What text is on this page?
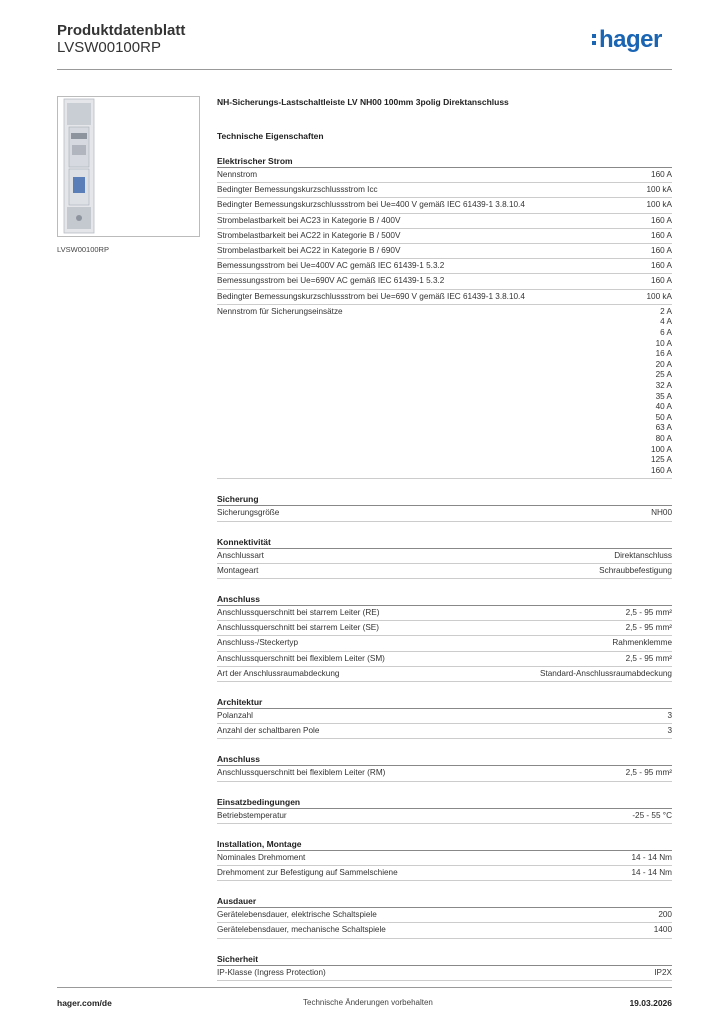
Produktdatenblatt
LVSW00100RP	hager
LVSW00100RP
NH-Sicherungs-Lastschaltleiste LV NH00 100mm 3polig Direktanschluss
Technische Eigenschaften
Elektrischer Strom
Nennstrom	160 A
Bedingter Bemessungskurzschlussstrom Icc	100 kA
Bedingter Bemessungskurzschlussstrom bei Ue=400 V gemäß IEC 61439-1 3.8.10.4	100 kA
Strombelastbarkeit bei AC23 in Kategorie B / 400V	160 A
Strombelastbarkeit bei AC22 in Kategorie B / 500V	160 A
Strombelastbarkeit bei AC22 in Kategorie B / 690V	160 A
Bemessungsstrom bei Ue=400V AC gemäß IEC 61439-1 5.3.2	160 A
Bemessungsstrom bei Ue=690V AC gemäß IEC 61439-1 5.3.2	160 A
Bedingter Bemessungskurzschlussstrom bei Ue=690 V gemäß IEC 61439-1 3.8.10.4	100 kA
Nennstrom für Sicherungseinsätze	2 A
4 A
6 A
10 A
16 A
20 A
25 A
32 A
35 A
40 A
50 A
63 A
80 A
100 A
125 A
160 A
Sicherung
Sicherungsgröße	NH00
Konnektivität
Anschlussart	Direktanschluss
Montageart	Schraubbefestigung
Anschluss
Anschlussquerschnitt bei starrem Leiter (RE)	2,5 - 95 mm²
Anschlussquerschnitt bei starrem Leiter (SE)	2,5 - 95 mm²
Anschluss-/Steckertyp	Rahmenklemme
Anschlussquerschnitt bei flexiblem Leiter (SM)	2,5 - 95 mm²
Art der Anschlussraumabdeckung	Standard-Anschlussraumabdeckung
Architektur
Polanzahl	3
Anzahl der schaltbaren Pole	3
Anschluss
Anschlussquerschnitt bei flexiblem Leiter (RM)	2,5 - 95 mm²
Einsatzbedingungen
Betriebstemperatur	-25 - 55 °C
Installation, Montage
Nominales Drehmoment	14 - 14 Nm
Drehmoment zur Befestigung auf Sammelschiene	14 - 14 Nm
Ausdauer
Gerätelebensdauer, elektrische Schaltspiele	200
Gerätelebensdauer, mechanische Schaltspiele	1400
Sicherheit
IP-Klasse (Ingress Protection)	IP2X
hager.com/de	Technische Änderungen vorbehalten	19.03.2026
